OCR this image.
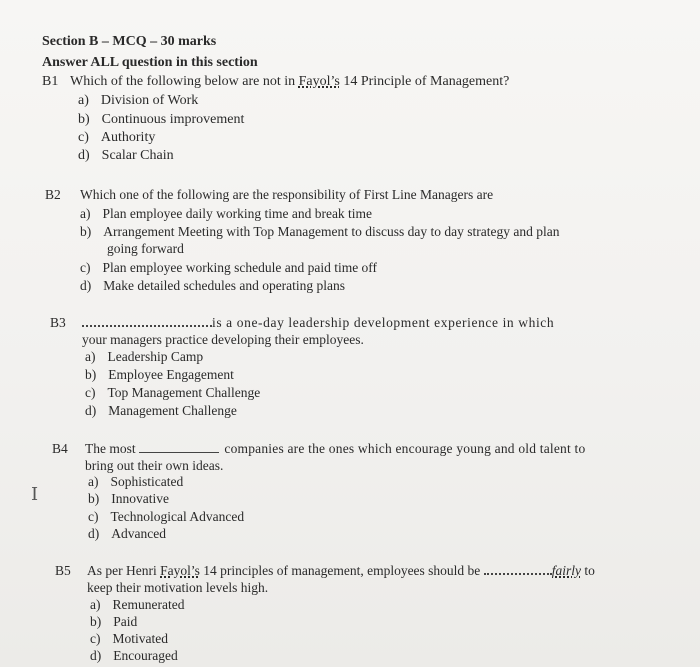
Section B – MCQ – 30 marks
Answer ALL question in this section
B1 Which of the following below are not in Fayol’s 14 Principle of Management?
a) Division of Work
b) Continuous improvement
c) Authority
d) Scalar Chain
B2 Which one of the following are the responsibility of First Line Managers are
a) Plan employee daily working time and break time
b) Arrangement Meeting with Top Management to discuss day to day strategy and plan
going forward
c) Plan employee working schedule and paid time off
d) Make detailed schedules and operating plans
B3	is a one-day leadership development experience in which
your managers practice developing their employees.
a) Leadership Camp
b) Employee Engagement
c) Top Management Challenge
d) Management Challenge
B4 The most	companies are the ones which encourage young and old talent to
bring out their own ideas.
I
a) Sophisticated
b) Innovative
c) Technological Advanced
d) Advanced
B5 As per Henri Fayol’s 14 principles of management, employees should be	fairly to
keep their motivation levels high.
a) Remunerated
b) Paid
c) Motivated
d) Encouraged
